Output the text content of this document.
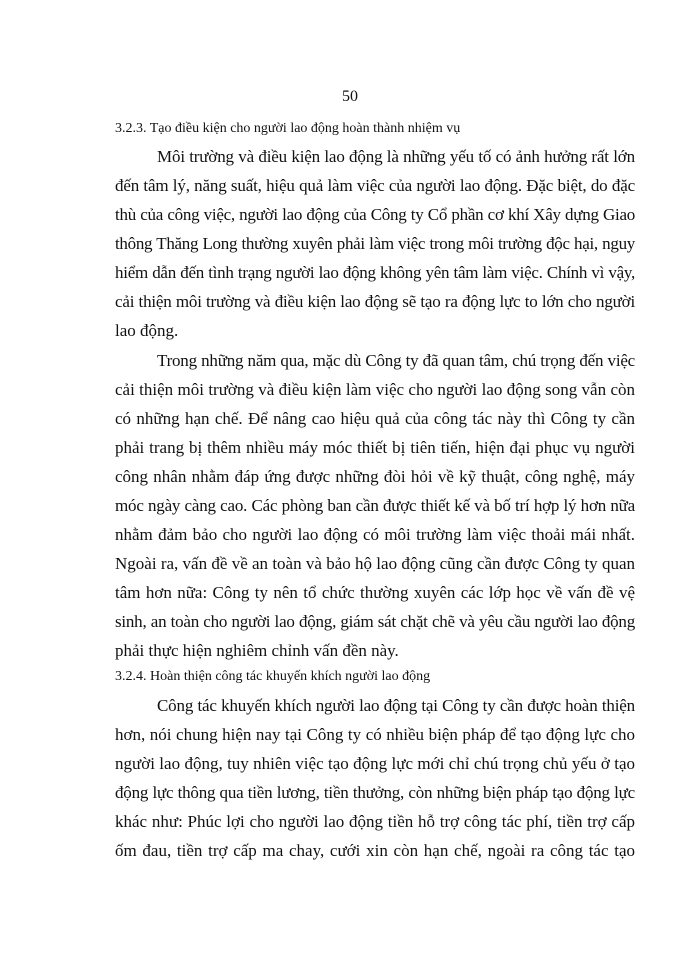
50
3.2.3. Tạo điều kiện cho người lao động hoàn thành nhiệm vụ
Môi trường và điều kiện lao động là những yếu tố có ảnh hưởng rất lớn
đến tâm lý, năng suất, hiệu quả làm việc của người lao động. Đặc biệt, do đặc
thù của công việc, người lao động của Công ty Cổ phần cơ khí Xây dựng Giao
thông Thăng Long thường xuyên phải làm việc trong môi trường độc hại, nguy
hiểm dẫn đến tình trạng người lao động không yên tâm làm việc. Chính vì vậy,
cải thiện môi trường và điều kiện lao động sẽ tạo ra động lực to lớn cho người
lao động.
Trong những năm qua, mặc dù Công ty đã quan tâm, chú trọng đến việc
cải thiện môi trường và điều kiện làm việc cho người lao động song vẫn còn
có những hạn chế. Để nâng cao hiệu quả của công tác này thì Công ty cần
phải trang bị thêm nhiều máy móc thiết bị tiên tiến, hiện đại phục vụ người
công nhân nhằm đáp ứng được những đòi hỏi về kỹ thuật, công nghệ, máy
móc ngày càng cao. Các phòng ban cần được thiết kế và bố trí hợp lý hơn nữa
nhằm đảm bảo cho người lao động có môi trường làm việc thoải mái nhất.
Ngoài ra, vấn đề về an toàn và bảo hộ lao động cũng cần được Công ty quan
tâm hơn nữa: Công ty nên tổ chức thường xuyên các lớp học về vấn đề vệ
sinh, an toàn cho người lao động, giám sát chặt chẽ và yêu cầu người lao động
phải thực hiện nghiêm chỉnh vấn đền này.
3.2.4. Hoàn thiện công tác khuyến khích người lao động
Công tác khuyến khích người lao động tại Công ty cần được hoàn thiện
hơn, nói chung hiện nay tại Công ty có nhiều biện pháp để tạo động lực cho
người lao động, tuy nhiên việc tạo động lực mới chỉ chú trọng chủ yếu ở tạo
động lực thông qua tiền lương, tiền thưởng, còn những biện pháp tạo động lực
khác như: Phúc lợi cho người lao động tiền hỗ trợ công tác phí, tiền trợ cấp
ốm đau, tiền trợ cấp ma chay, cưới xin còn hạn chế, ngoài ra công tác tạo
